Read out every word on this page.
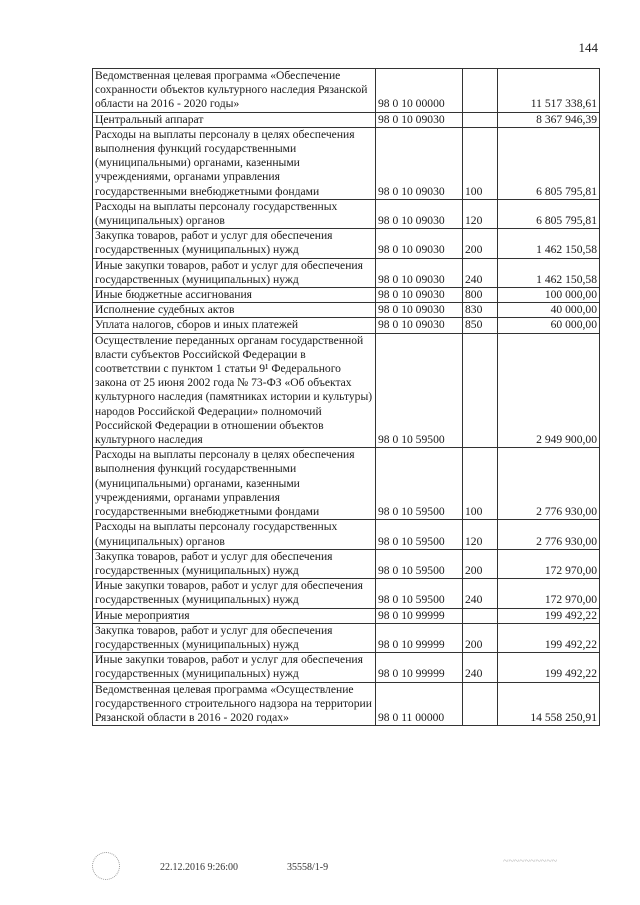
144
Ведомственная целевая программа «Обеспечение сохранности объектов культурного наследия Рязанской области на 2016 - 2020 годы»	98 0 10 00000		11 517 338,61
Центральный аппарат	98 0 10 09030		8 367 946,39
Расходы на выплаты персоналу в целях обеспечения выполнения функций государственными (муниципальными) органами, казенными учреждениями, органами управления государственными внебюджетными фондами	98 0 10 09030	100	6 805 795,81
Расходы на выплаты персоналу государственных (муниципальных) органов	98 0 10 09030	120	6 805 795,81
Закупка товаров, работ и услуг для обеспечения государственных (муниципальных) нужд	98 0 10 09030	200	1 462 150,58
Иные закупки товаров, работ и услуг для обеспечения государственных (муниципальных) нужд	98 0 10 09030	240	1 462 150,58
Иные бюджетные ассигнования	98 0 10 09030	800	100 000,00
Исполнение судебных актов	98 0 10 09030	830	40 000,00
Уплата налогов, сборов и иных платежей	98 0 10 09030	850	60 000,00
Осуществление переданных органам государственной власти субъектов Российской Федерации в соответствии с пунктом 1 статьи 9¹ Федерального закона от 25 июня 2002 года № 73-ФЗ «Об объектах культурного наследия (памятниках истории и культуры) народов Российской Федерации» полномочий Российской Федерации в отношении объектов культурного наследия	98 0 10 59500		2 949 900,00
Расходы на выплаты персоналу в целях обеспечения выполнения функций государственными (муниципальными) органами, казенными учреждениями, органами управления государственными внебюджетными фондами	98 0 10 59500	100	2 776 930,00
Расходы на выплаты персоналу государственных (муниципальных) органов	98 0 10 59500	120	2 776 930,00
Закупка товаров, работ и услуг для обеспечения государственных (муниципальных) нужд	98 0 10 59500	200	172 970,00
Иные закупки товаров, работ и услуг для обеспечения государственных (муниципальных) нужд	98 0 10 59500	240	172 970,00
Иные мероприятия	98 0 10 99999		199 492,22
Закупка товаров, работ и услуг для обеспечения государственных (муниципальных) нужд	98 0 10 99999	200	199 492,22
Иные закупки товаров, работ и услуг для обеспечения государственных (муниципальных) нужд	98 0 10 99999	240	199 492,22
Ведомственная целевая программа «Осуществление государственного строительного надзора на территории Рязанской области в 2016 - 2020 годах»	98 0 11 00000		14 558 250,91
22.12.2016 9:26:00	35558/1-9
~~~~~~~~~~
